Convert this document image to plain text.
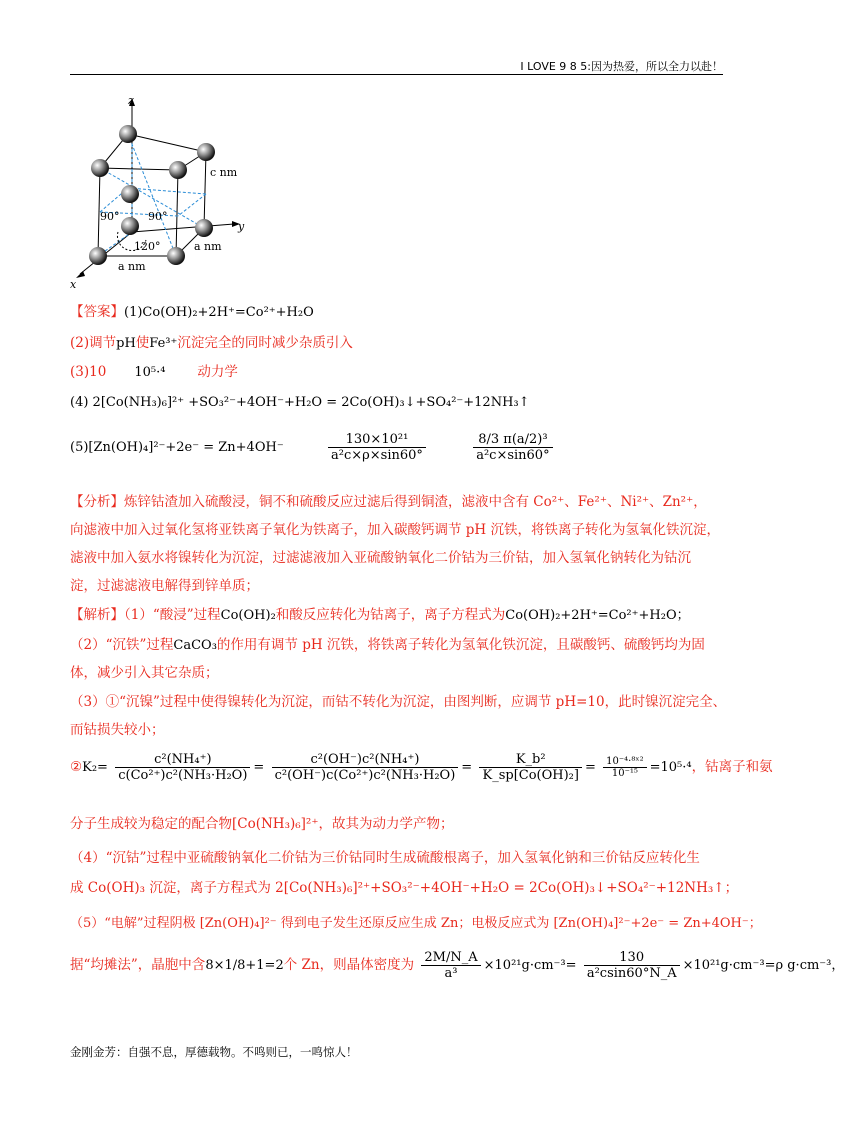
I LOVE 9 8 5:因为热爱，所以全力以赴！
z
y
x
c nm
a nm
a nm
90°	90°
120°
【答案】(1)Co(OH)₂+2H⁺=Co²⁺+H₂O
(2)调节pH使Fe³⁺沉淀完全的同时减少杂质引入
(3)10 10⁵·⁴ 动力学
(4) 2[Co(NH₃)₆]²⁺ +SO₃²⁻+4OH⁻+H₂O = 2Co(OH)₃↓+SO₄²⁻+12NH₃↑
(5)[Zn(OH)₄]²⁻+2e⁻ = Zn+4OH⁻	$\frac{\text{130×10²¹}}{\text{a²c×ρ×sin60°}}$
	$\frac{\text{8/3 π(a/2)³}}{\text{a²c×sin60°}}$
【分析】炼锌钴渣加入硫酸浸，铜不和硫酸反应过滤后得到铜渣，滤液中含有 Co²⁺、Fe²⁺、Ni²⁺、Zn²⁺，
向滤液中加入过氧化氢将亚铁离子氧化为铁离子，加入碳酸钙调节 pH 沉铁，将铁离子转化为氢氧化铁沉淀，
滤液中加入氨水将镍转化为沉淀，过滤滤液加入亚硫酸钠氧化二价钴为三价钴，加入氢氧化钠转化为钴沉
淀，过滤滤液电解得到锌单质；
【解析】（1）“酸浸”过程Co(OH)₂和酸反应转化为钴离子，离子方程式为Co(OH)₂+2H⁺=Co²⁺+H₂O；
（2）“沉铁”过程CaCO₃的作用有调节 pH 沉铁，将铁离子转化为氢氧化铁沉淀，且碳酸钙、硫酸钙均为固
体，减少引入其它杂质；
（3）①“沉镍”过程中使得镍转化为沉淀，而钴不转化为沉淀，由图判断，应调节 pH=10，此时镍沉淀完全、
而钴损失较小；
②K₂= $\frac{\text{c²(NH₄⁺)}}{\text{c(Co²⁺)c²(NH₃·H₂O)}} = \frac{\text{c²(OH⁻)c²(NH₄⁺)}}{\text{c²(OH⁻)c(Co²⁺)c²(NH₃·H₂O)}} = \frac{\text{K\_b²}}{\text{K\_sp[Co(OH)₂]}} = \frac{\text{10⁻⁴·⁸ˣ²}}{\text{10⁻¹⁵}} =10^5\cdot^4$，钴离子和氨
分子生成较为稳定的配合物[Co(NH₃)₆]²⁺，故其为动力学产物；
（4）“沉钴”过程中亚硫酸钠氧化二价钴为三价钴同时生成硫酸根离子，加入氢氧化钠和三价钴反应转化生
成 Co(OH)₃ 沉淀，离子方程式为 2[Co(NH₃)₆]²⁺+SO₃²⁻+4OH⁻+H₂O = 2Co(OH)₃↓+SO₄²⁻+12NH₃↑；
（5）“电解”过程阴极 [Zn(OH)₄]²⁻ 得到电子发生还原反应生成 Zn；电极反应式为 [Zn(OH)₄]²⁻+2e⁻ = Zn+4OH⁻；
据“均摊法”，晶胞中含8×1/8+1=2个 Zn，则晶体密度为 $\frac{2M/N\_A}{\text{a³}} \times 10^{21}g\cdot cm^{-3}= \frac{130}{\text{a²csin60°N\_A}} \times 10^{21}g\cdot cm^{-3}=\rho$ g·cm⁻³，
金刚金芳：自强不息，厚德载物。不鸣则已，一鸣惊人！
